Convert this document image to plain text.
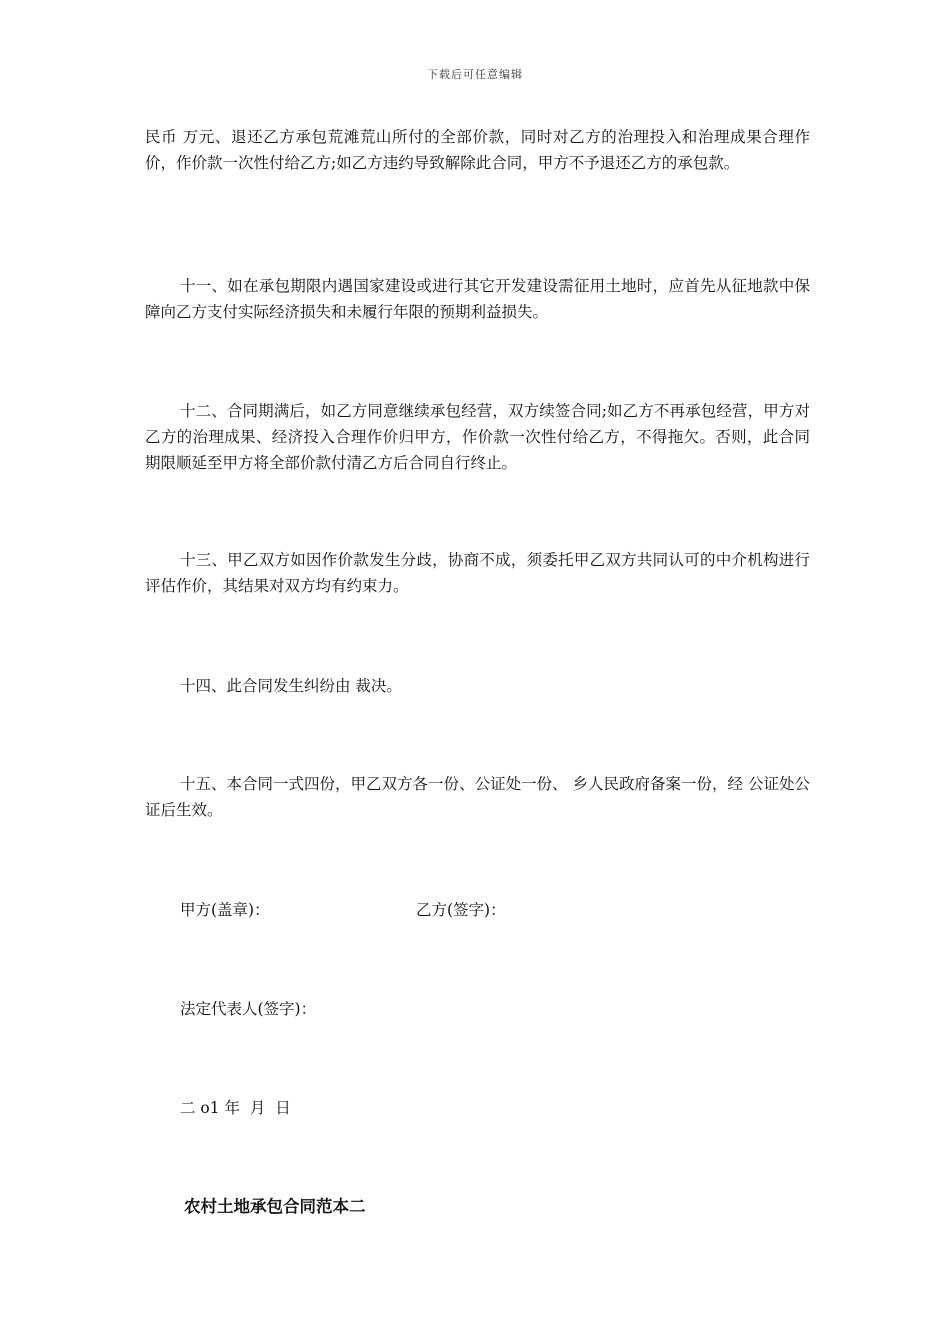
下载后可任意编辑
民币 万元、退还乙方承包荒滩荒山所付的全部价款，同时对乙方的治理投入和治理成果合理作价，作价款一次性付给乙方;如乙方违约导致解除此合同，甲方不予退还乙方的承包款。
十一、如在承包期限内遇国家建设或进行其它开发建设需征用土地时，应首先从征地款中保障向乙方支付实际经济损失和未履行年限的预期利益损失。
十二、合同期满后，如乙方同意继续承包经营，双方续签合同;如乙方不再承包经营，甲方对乙方的治理成果、经济投入合理作价归甲方，作价款一次性付给乙方，不得拖欠。否则，此合同期限顺延至甲方将全部价款付清乙方后合同自行终止。
十三、甲乙双方如因作价款发生分歧，协商不成，须委托甲乙双方共同认可的中介机构进行评估作价，其结果对双方均有约束力。
十四、此合同发生纠纷由 裁决。
十五、本合同一式四份，甲乙双方各一份、公证处一份、 乡人民政府备案一份，经 公证处公证后生效。
甲方(盖章)：	乙方(签字)：
法定代表人(签字)：
二 o1 年  月  日
农村土地承包合同范本二
